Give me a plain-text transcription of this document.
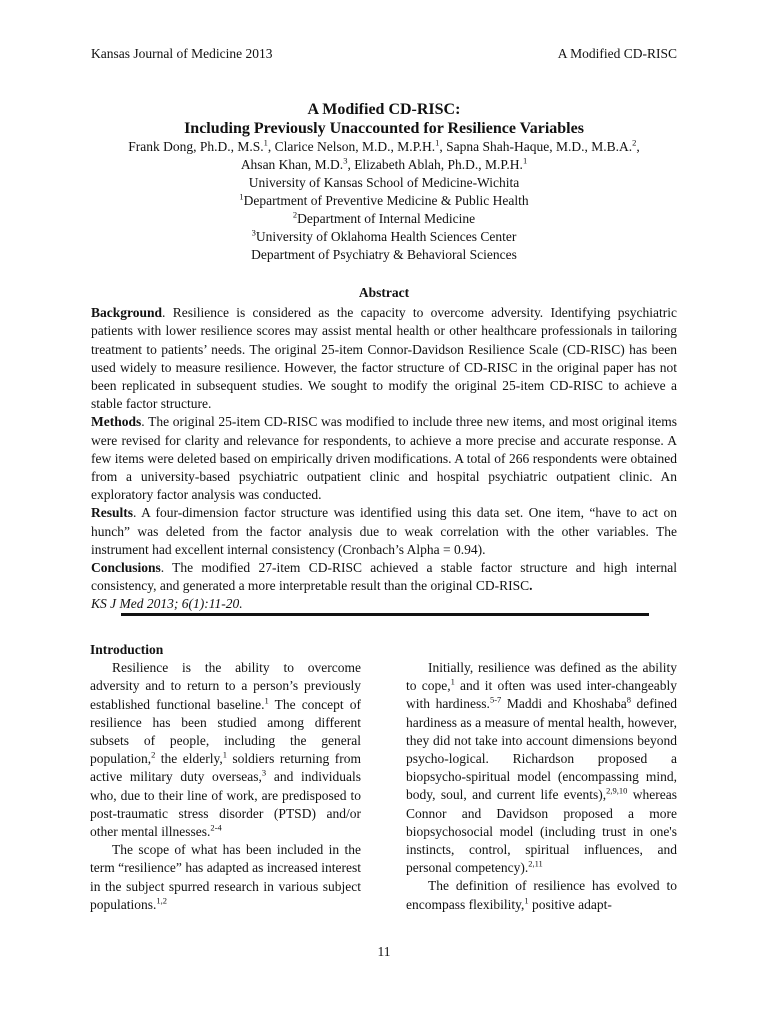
Kansas Journal of Medicine 2013	A Modified CD-RISC

A Modified CD-RISC:

Including Previously Unaccounted for Resilience Variables

Frank Dong, Ph.D., M.S.$^1$, Clarice Nelson, M.D., M.P.H.$^1$, Sapna Shah-Haque, M.D., M.B.A.$^2$,

Ahsan Khan, M.D.$^3$, Elizabeth Ablah, Ph.D., M.P.H.$^1$

University of Kansas School of Medicine-Wichita

$^1$Department of Preventive Medicine & Public Health

$^2$Department of Internal Medicine

$^3$University of Oklahoma Health Sciences Center

Department of Psychiatry & Behavioral Sciences

Abstract

Background. Resilience is considered as the capacity to overcome adversity. Identifying psychiatric patients with lower resilience scores may assist mental health or other healthcare professionals in tailoring treatment to patients’ needs. The original 25-item Connor-Davidson Resilience Scale (CD-RISC) has been used widely to measure resilience. However, the factor structure of CD-RISC in the original paper has not been replicated in subsequent studies. We sought to modify the original 25-item CD-RISC to achieve a stable factor structure.

Methods. The original 25-item CD-RISC was modified to include three new items, and most original items were revised for clarity and relevance for respondents, to achieve a more precise and accurate response. A few items were deleted based on empirically driven modifications. A total of 266 respondents were obtained from a university-based psychiatric outpatient clinic and hospital psychiatric outpatient clinic. An exploratory factor analysis was conducted.

Results. A four-dimension factor structure was identified using this data set. One item, “have to act on hunch” was deleted from the factor analysis due to weak correlation with the other variables. The instrument had excellent internal consistency (Cronbach’s Alpha = 0.94).

Conclusions. The modified 27-item CD-RISC achieved a stable factor structure and high internal consistency, and generated a more interpretable result than the original CD-RISC.

KS J Med 2013; 6(1):11-20.

Introduction

Resilience is the ability to overcome adversity and to return to a person’s previously established functional baseline.$^1$ The concept of resilience has been studied among different subsets of people, including the general population,$^2$ the elderly,$^1$ soldiers returning from active military duty overseas,$^3$ and individuals who, due to their line of work, are predisposed to post-traumatic stress disorder (PTSD) and/or other mental illnesses.$^{2-4}$

The scope of what has been included in the term “resilience” has adapted as increased interest in the subject spurred research in various subject populations.$^{1,2}$

Initially, resilience was defined as the ability to cope,$^1$ and it often was used inter-changeably with hardiness.$^{5-7}$ Maddi and Khoshaba$^8$ defined hardiness as a measure of mental health, however, they did not take into account dimensions beyond psycho-logical. Richardson proposed a biopsycho-spiritual model (encompassing mind, body, soul, and current life events),$^{2,9,10}$ whereas Connor and Davidson proposed a more biopsychosocial model (including trust in one's instincts, control, spiritual influences, and personal competency).$^{2,11}$

The definition of resilience has evolved to encompass flexibility,$^1$ positive adapt-

11
